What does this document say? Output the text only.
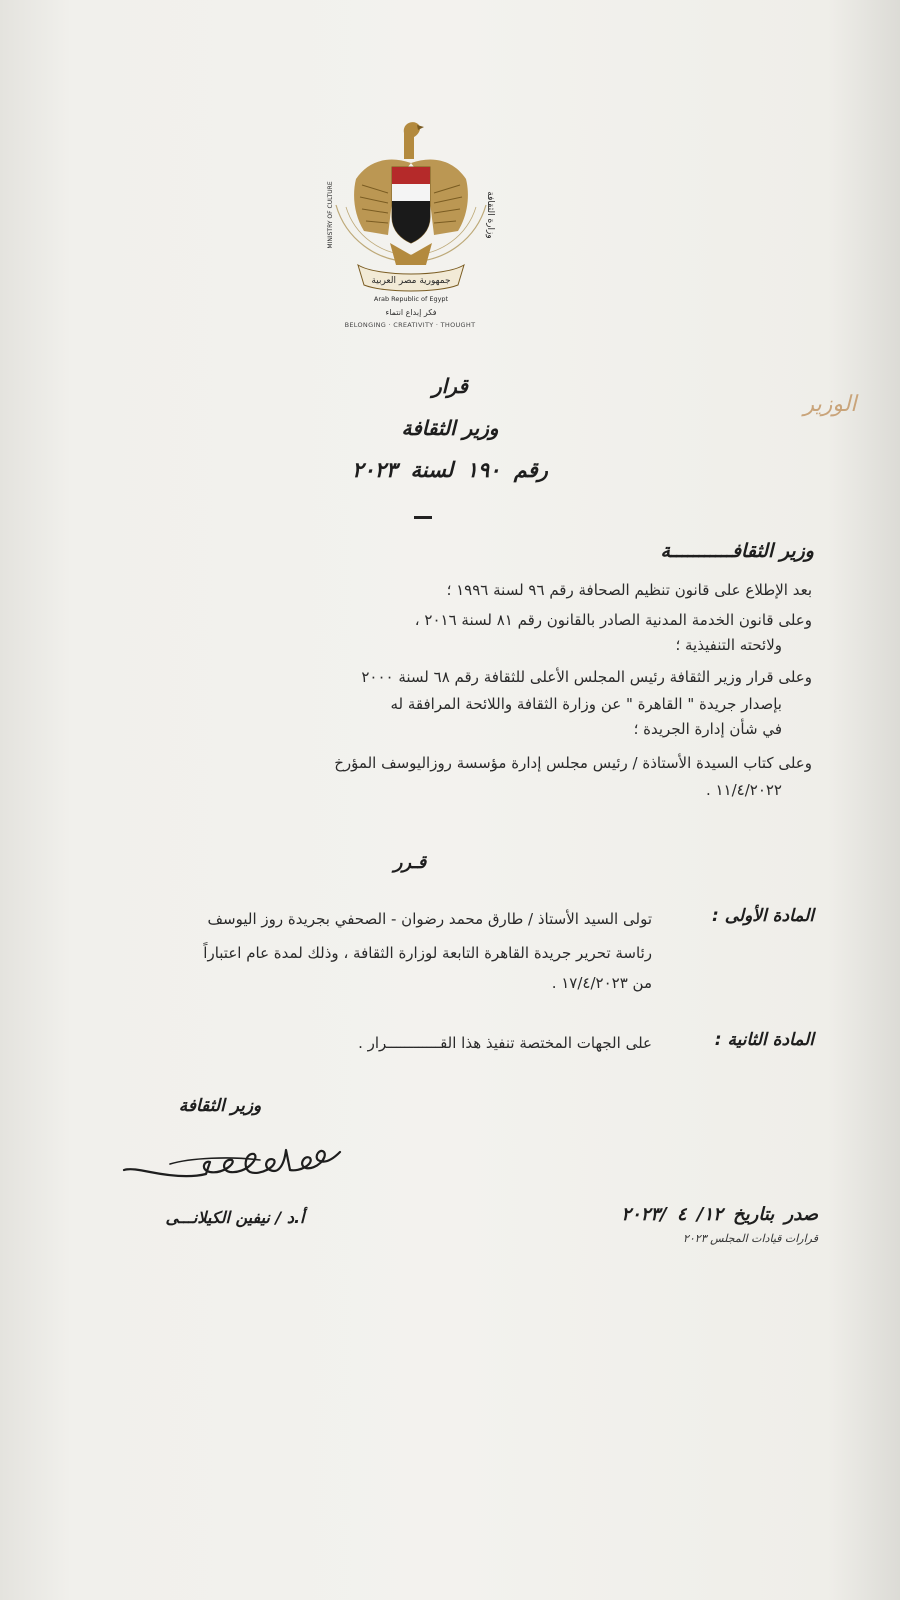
جمهورية مصر العربية
وزارة الثقافة
MINISTRY OF CULTURE
Arab Republic of Egypt
فكر إبداع انتماء
BELONGING · CREATIVITY · THOUGHT
الوزير
قرار
وزير الثقافة
رقم ١٩٠ لسنة ٢٠٢٣
وزير الثقافـــــــــــة
بعد الإطلاع على قانون تنظيم الصحافة رقم ٩٦ لسنة ١٩٩٦ ؛
وعلى قانون الخدمة المدنية الصادر بالقانون رقم ٨١ لسنة ٢٠١٦ ،
ولائحته التنفيذية ؛
وعلى قرار وزير الثقافة رئيس المجلس الأعلى للثقافة رقم ٦٨ لسنة ٢٠٠٠
بإصدار جريدة " القاهرة " عن وزارة الثقافة واللائحة المرافقة له
في شأن إدارة الجريدة ؛
وعلى كتاب السيدة الأستاذة / رئيس مجلس إدارة مؤسسة روزاليوسف المؤرخ
١١/٤/٢٠٢٢ .
قـرر
المادة الأولى :
تولى السيد الأستاذ / طارق محمد رضوان - الصحفي بجريدة روز اليوسف
رئاسة تحرير جريدة القاهرة التابعة لوزارة الثقافة ، وذلك لمدة عام اعتباراً
من ١٧/٤/٢٠٢٣ .
المادة الثانية :
على الجهات المختصة تنفيذ هذا القــــــــــــرار .
وزير الثقافة
أ.د / نيفين الكيلانـــى	صدر بتاريخ ١٢/ ٤ /٢٠٢٣
قرارات قيادات المجلس ٢٠٢٣
